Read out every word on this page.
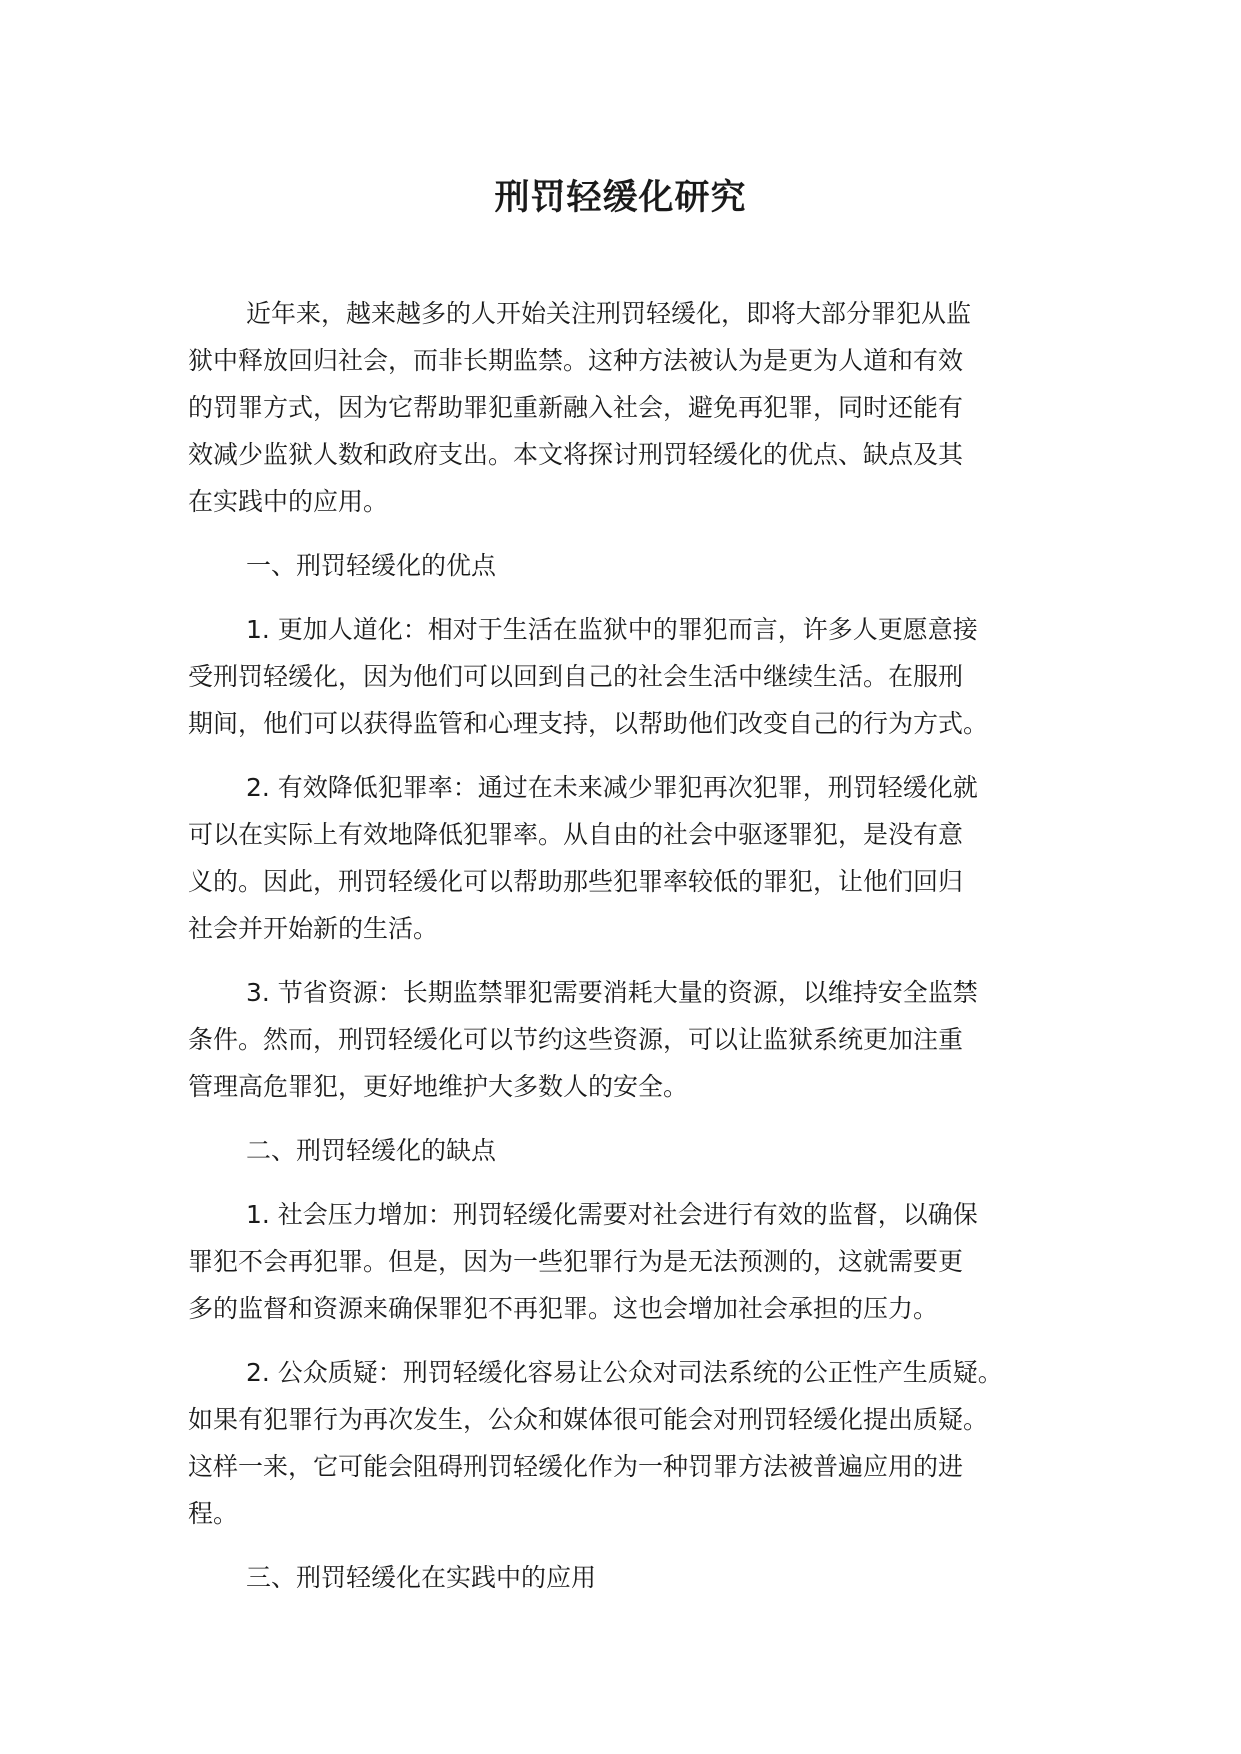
刑罚轻缓化研究
近年来，越来越多的人开始关注刑罚轻缓化，即将大部分罪犯从监
狱中释放回归社会，而非长期监禁。这种方法被认为是更为人道和有效
的罚罪方式，因为它帮助罪犯重新融入社会，避免再犯罪，同时还能有
效减少监狱人数和政府支出。本文将探讨刑罚轻缓化的优点、缺点及其
在实践中的应用。
一、刑罚轻缓化的优点
1. 更加人道化：相对于生活在监狱中的罪犯而言，许多人更愿意接
受刑罚轻缓化，因为他们可以回到自己的社会生活中继续生活。在服刑
期间，他们可以获得监管和心理支持，以帮助他们改变自己的行为方式。
2. 有效降低犯罪率：通过在未来减少罪犯再次犯罪，刑罚轻缓化就
可以在实际上有效地降低犯罪率。从自由的社会中驱逐罪犯，是没有意
义的。因此，刑罚轻缓化可以帮助那些犯罪率较低的罪犯，让他们回归
社会并开始新的生活。
3. 节省资源：长期监禁罪犯需要消耗大量的资源，以维持安全监禁
条件。然而，刑罚轻缓化可以节约这些资源，可以让监狱系统更加注重
管理高危罪犯，更好地维护大多数人的安全。
二、刑罚轻缓化的缺点
1. 社会压力增加：刑罚轻缓化需要对社会进行有效的监督，以确保
罪犯不会再犯罪。但是，因为一些犯罪行为是无法预测的，这就需要更
多的监督和资源来确保罪犯不再犯罪。这也会增加社会承担的压力。
2. 公众质疑：刑罚轻缓化容易让公众对司法系统的公正性产生质疑。
如果有犯罪行为再次发生，公众和媒体很可能会对刑罚轻缓化提出质疑。
这样一来，它可能会阻碍刑罚轻缓化作为一种罚罪方法被普遍应用的进
程。
三、刑罚轻缓化在实践中的应用
